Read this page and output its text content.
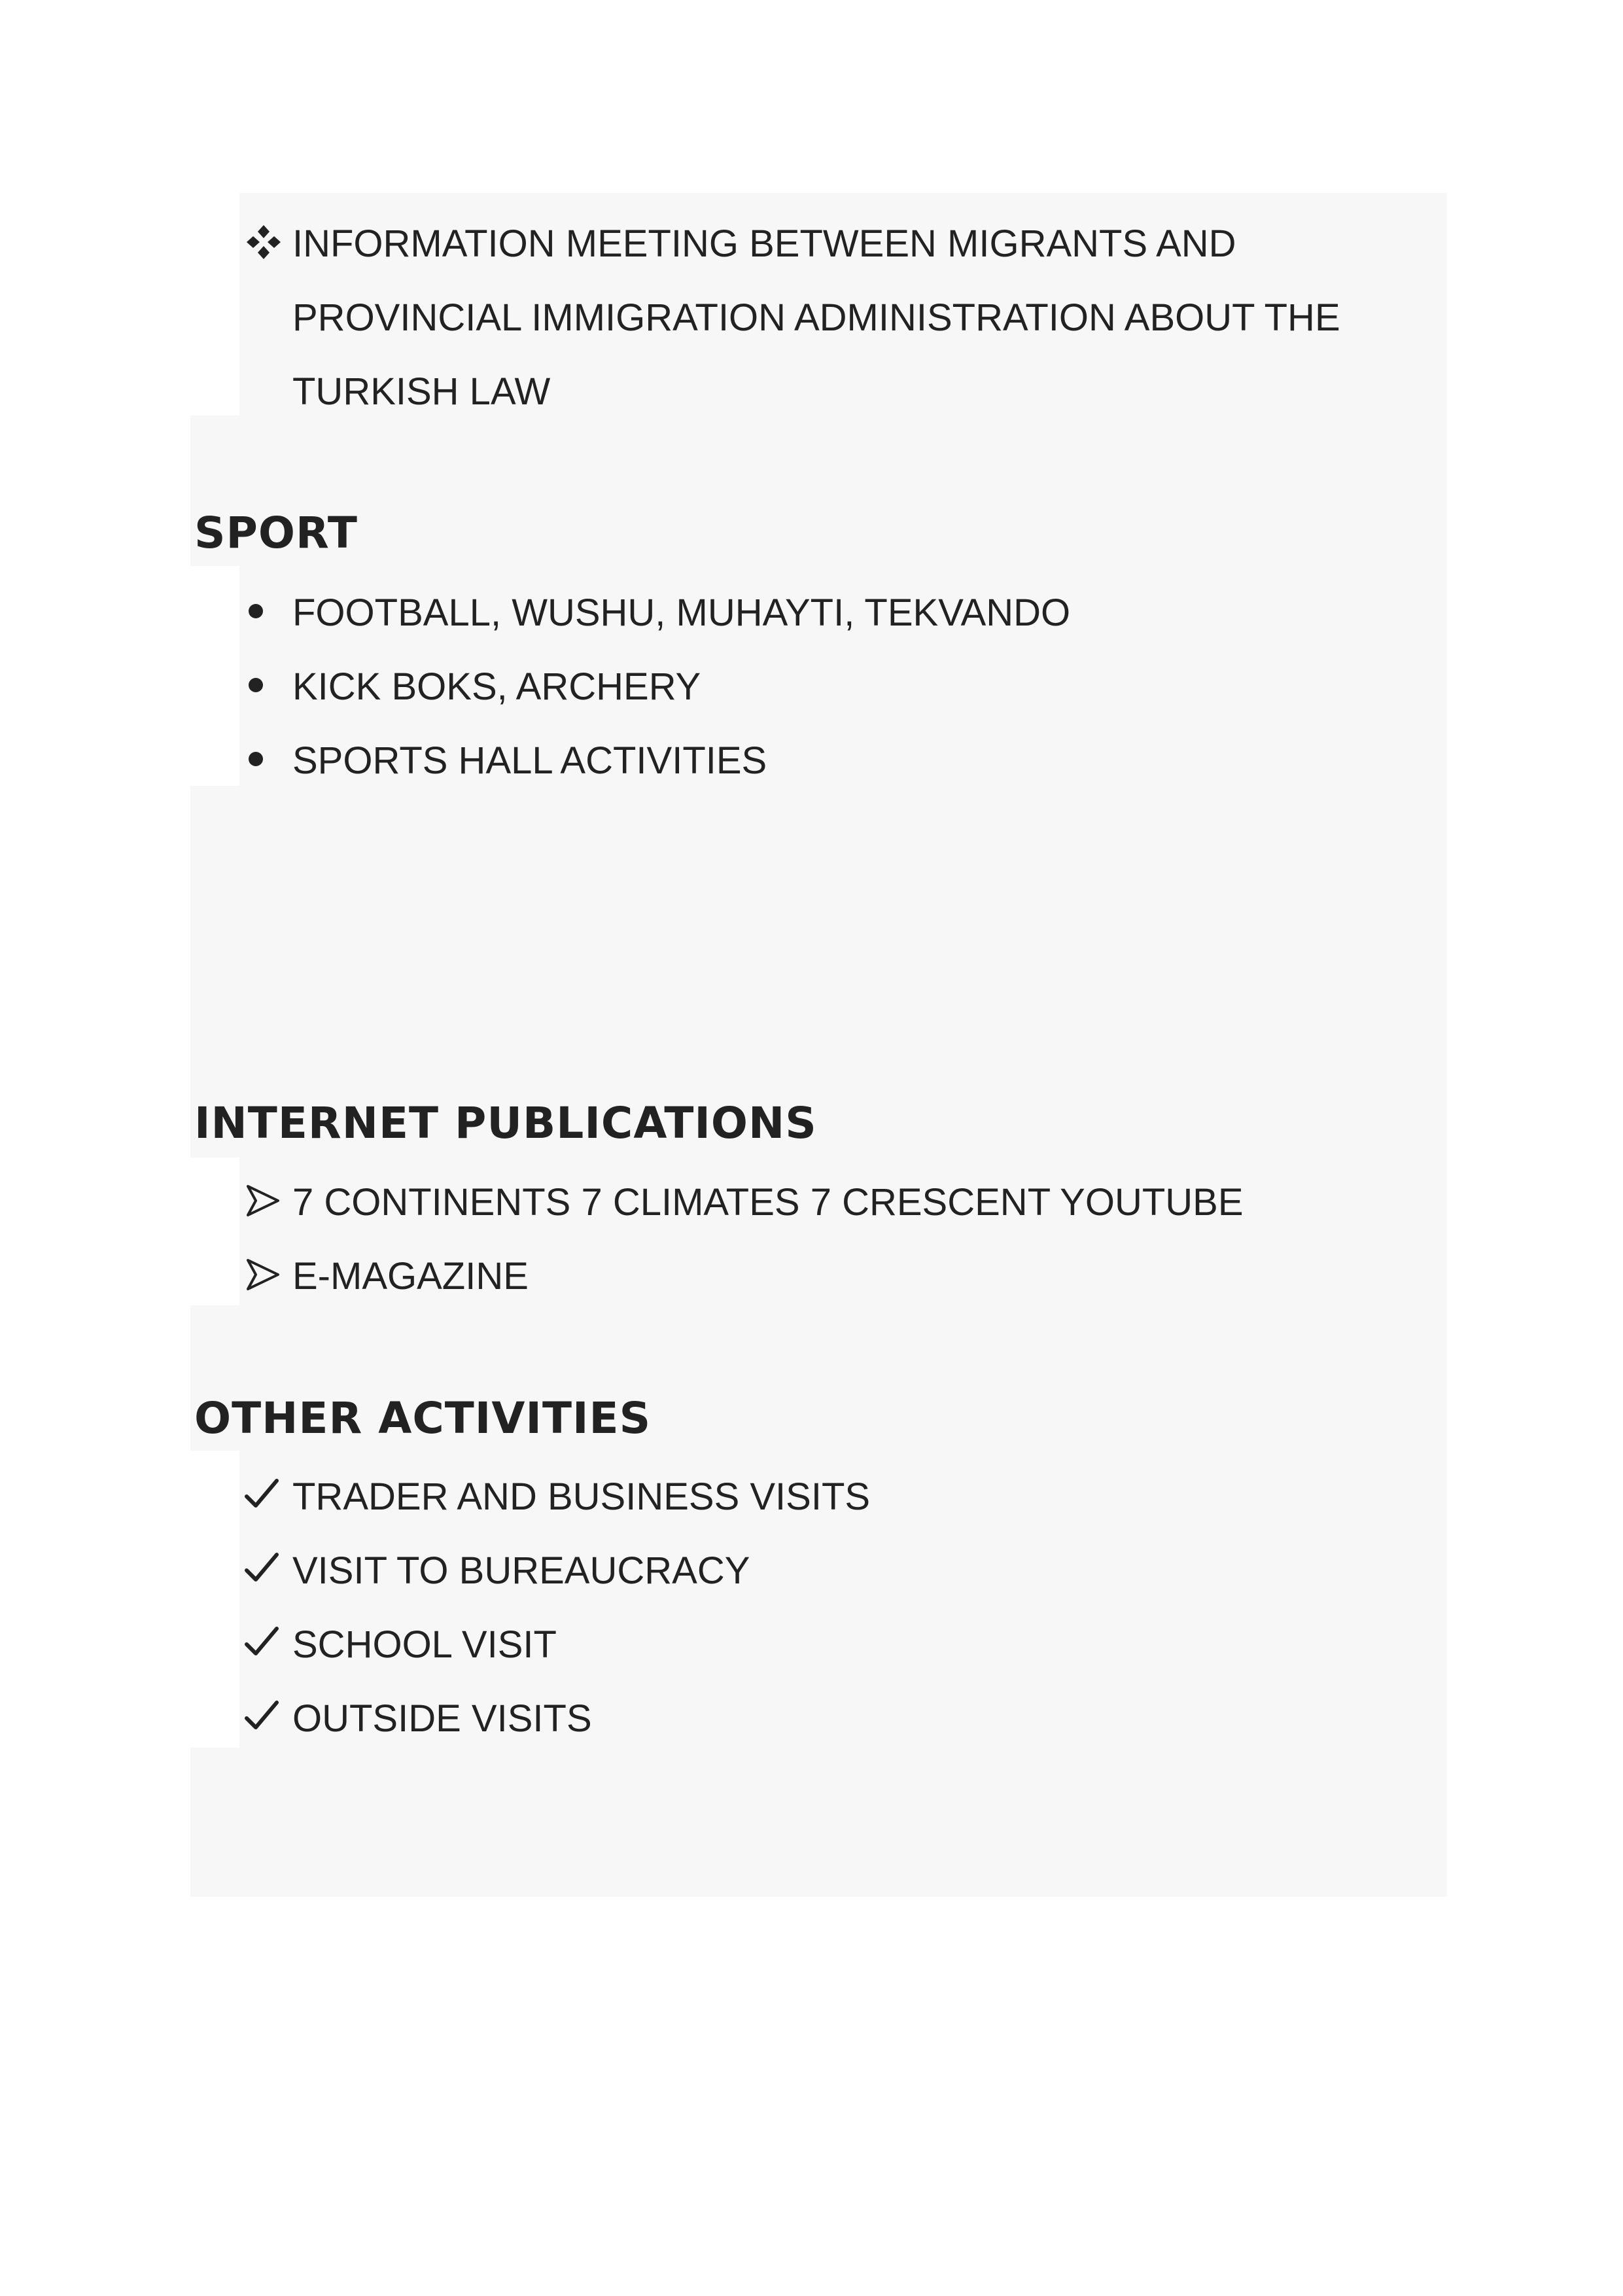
INFORMATION MEETING BETWEEN MIGRANTS AND PROVINCIAL IMMIGRATION ADMINISTRATION ABOUT THE TURKISH LAW
SPORT
FOOTBALL, WUSHU, MUHAYTI, TEKVANDO
KICK BOKS, ARCHERY
SPORTS HALL ACTIVITIES
INTERNET PUBLICATIONS
7 CONTINENTS 7 CLIMATES 7 CRESCENT YOUTUBE
E-MAGAZINE
OTHER ACTIVITIES
TRADER AND BUSINESS VISITS
VISIT TO BUREAUCRACY
SCHOOL VISIT
OUTSIDE VISITS
